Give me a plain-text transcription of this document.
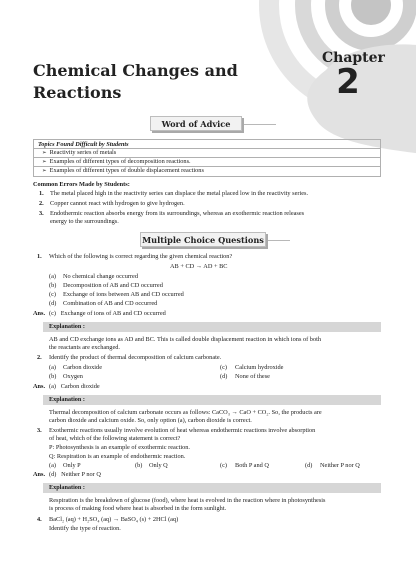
Chemical Changes and Reactions
Chapter
2
Word of Advice
Topics Found Difficult by Students
➢ Reactivity series of metals
➢ Examples of different types of decomposition reactions.
➢ Examples of different types of double displacement reactions
Common Errors Made by Students:
1. The metal placed high in the reactivity series can displace the metal placed low in the reactivity series.
2. Copper cannot react with hydrogen to give hydrogen.
3. Endothermic reaction absorbs energy from its surroundings, whereas an exothermic reaction releases
energy to the surroundings.
Multiple Choice Questions
1. Which of the following is correct regarding the given chemical reaction?
AB + CD → AD + BC
(a) No chemical change occurred
(b) Decomposition of AB and CD occurred
(c) Exchange of ions between AB and CD occurred
(d) Combination of AB and CD occurred
Ans. (c)   Exchange of ions of AB and CD occurred
Explanation :
AB and CD exchange ions as AD and BC. This is called double displacement reaction in which ions of both
the reactants are exchanged.
2. Identify the product of thermal decomposition of calcium carbonate.
(a) Carbon dioxide	(c) Calcium hydroxide
(b) Oxygen	(d) None of these
Ans. (a)   Carbon dioxide
Explanation :
Thermal decomposition of calcium carbonate occurs as follows: CaCO₃ → CaO + CO₂. So, the products are
carbon dioxide and calcium oxide. So, only option (a), carbon dioxide is correct.
3. Exothermic reactions usually involve evolution of heat whereas endothermic reactions involve absorption
of heat, which of the following statement is correct?
P: Photosynthesis is an example of exothermic reaction.
Q: Respiration is an example of endothermic reaction.
(a) Only P	(b) Only Q	(c) Both P and Q	(d) Neither P nor Q
Ans. (d)   Neither P nor Q
Explanation :
Respiration is the breakdown of glucose (food), where heat is evolved in the reaction where in photosynthesis
is process of making food where heat is absorbed in the form sunlight.
4. BaCl₂ (aq) + H₂SO₄ (aq) → BaSO₄ (s) + 2HCl (aq)
Identify the type of reaction.
